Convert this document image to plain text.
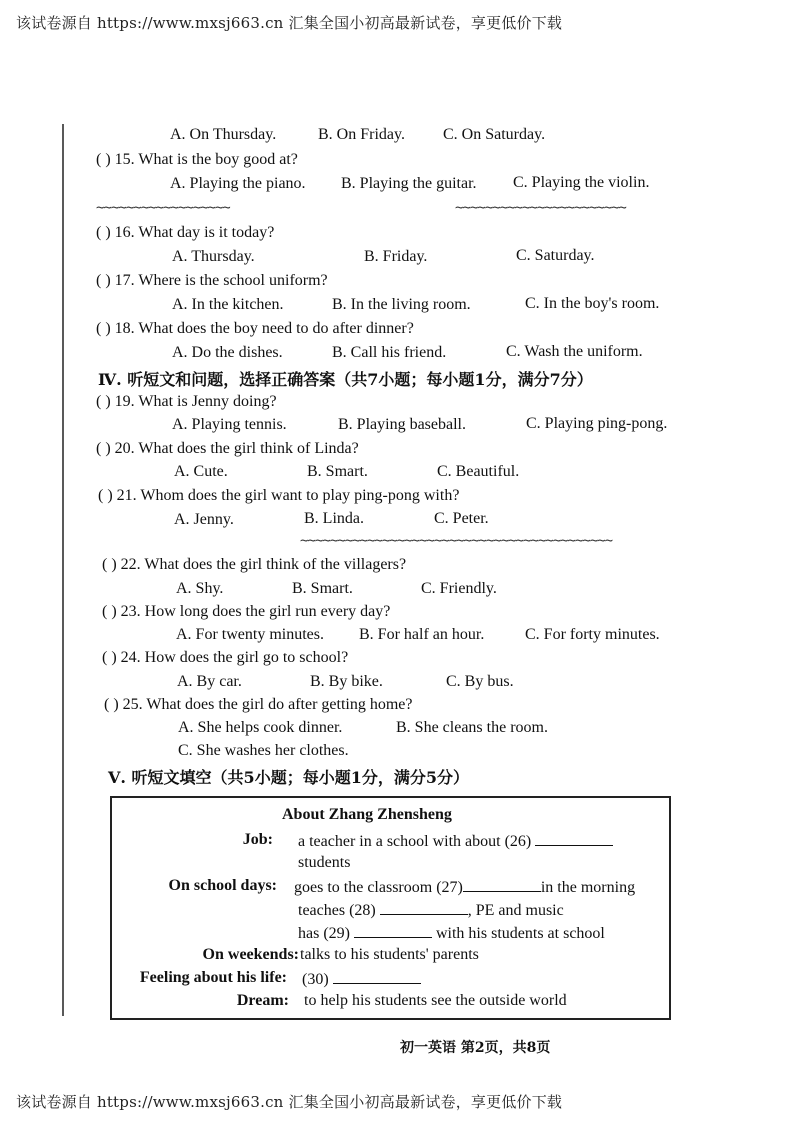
该试卷源自 https://www.mxsj663.cn 汇集全国小初高最新试卷，享更低价下载
A. On Thursday.	B. On Friday. C. On Saturday.
( ) 15. What is the boy good at?
A. Playing the piano. B. Playing the guitar. C. Playing the violin.
~~~~~~~~~~~~~~~~~~	~~~~~~~~~~~~~~~~~~~~~~~
( ) 16. What day is it today?
A. Thursday.	B. Friday.	C. Saturday.
( ) 17. Where is the school uniform?
A. In the kitchen.	B. In the living room.	C. In the boy's room.
( ) 18. What does the boy need to do after dinner?
A. Do the dishes.	B. Call his friend.	C. Wash the uniform.
Ⅳ. 听短文和问题，选择正确答案（共7小题；每小题1分，满分7分）
( ) 19. What is Jenny doing?
A. Playing tennis.	B. Playing baseball.	C. Playing ping-pong.
( ) 20. What does the girl think of Linda?
A. Cute.	B. Smart.	C. Beautiful.
( ) 21. Whom does the girl want to play ping-pong with?
A. Jenny.	B. Linda.	C. Peter.
~~~~~~~~~~~~~~~~~~~~~~~~~~~~~~~~~~~~~~~~~~
( ) 22. What does the girl think of the villagers?
A. Shy.	B. Smart.	C. Friendly.
( ) 23. How long does the girl run every day?
A. For twenty minutes. B. For half an hour.	C. For forty minutes.
( ) 24. How does the girl go to school?
A. By car.	B. By bike.	C. By bus.
( ) 25. What does the girl do after getting home?
A. She helps cook dinner.	B. She cleans the room.
C. She washes her clothes.
Ⅴ. 听短文填空（共5小题；每小题1分，满分5分）
About Zhang Zhensheng
Job: a teacher in a school with about (26)
students
On school days: goes to the classroom (27)	in the morning
teaches (28)	, PE and music
has (29)	with his students at school
On weekends: talks to his students' parents
Feeling about his life: (30)
Dream: to help his students see the outside world
初一英语 第2页，共8页
该试卷源自 https://www.mxsj663.cn 汇集全国小初高最新试卷，享更低价下载
